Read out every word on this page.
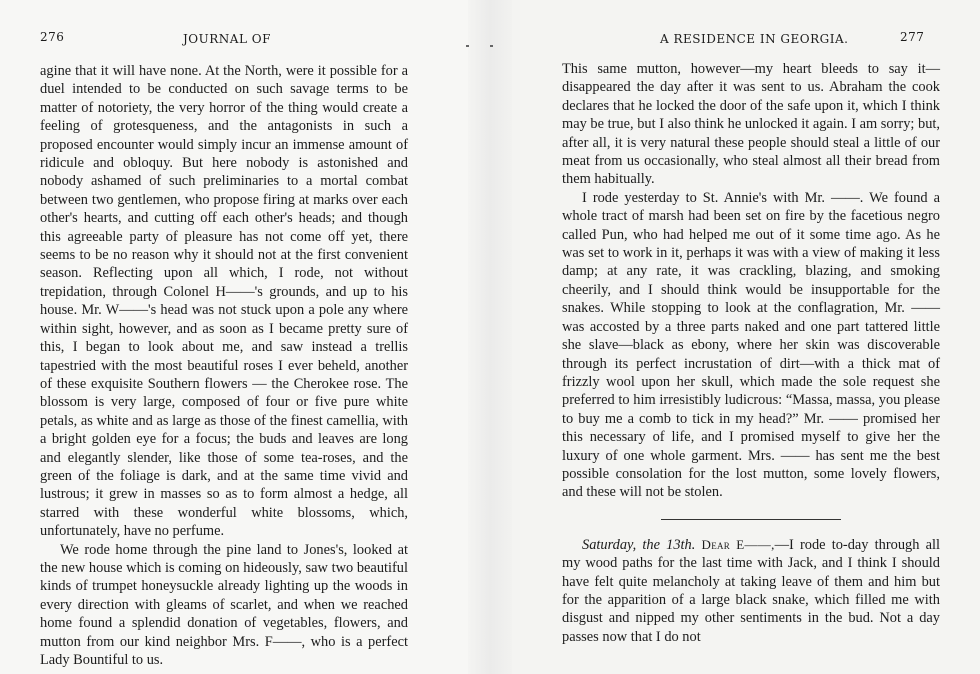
276	JOURNAL OF

agine that it will have none. At the North, were it possible for a duel intended to be conducted on such savage terms to be matter of notoriety, the very horror of the thing would create a feeling of grotesqueness, and the antagonists in such a proposed encounter would simply incur an immense amount of ridicule and obloquy. But here nobody is astonished and nobody ashamed of such preliminaries to a mortal combat between two gentlemen, who propose firing at marks over each other's hearts, and cutting off each other's heads; and though this agreeable party of pleasure has not come off yet, there seems to be no reason why it should not at the first convenient season. Reflecting upon all which, I rode, not without trepidation, through Colonel H——'s grounds, and up to his house. Mr. W——'s head was not stuck upon a pole any where within sight, however, and as soon as I became pretty sure of this, I began to look about me, and saw instead a trellis tapestried with the most beautiful roses I ever beheld, another of these exquisite Southern flowers — the Cherokee rose. The blossom is very large, composed of four or five pure white petals, as white and as large as those of the finest camellia, with a bright golden eye for a focus; the buds and leaves are long and elegantly slender, like those of some tea-roses, and the green of the foliage is dark, and at the same time vivid and lustrous; it grew in masses so as to form almost a hedge, all starred with these wonderful white blossoms, which, unfortunately, have no perfume.

We rode home through the pine land to Jones's, looked at the new house which is coming on hideously, saw two beautiful kinds of trumpet honeysuckle already lighting up the woods in every direction with gleams of scarlet, and when we reached home found a splendid donation of vegetables, flowers, and mutton from our kind neighbor Mrs. F——, who is a perfect Lady Bountiful to us.

A RESIDENCE IN GEORGIA.	277

This same mutton, however—my heart bleeds to say it—disappeared the day after it was sent to us. Abraham the cook declares that he locked the door of the safe upon it, which I think may be true, but I also think he unlocked it again. I am sorry; but, after all, it is very natural these people should steal a little of our meat from us occasionally, who steal almost all their bread from them habitually.

I rode yesterday to St. Annie's with Mr. ——. We found a whole tract of marsh had been set on fire by the facetious negro called Pun, who had helped me out of it some time ago. As he was set to work in it, perhaps it was with a view of making it less damp; at any rate, it was crackling, blazing, and smoking cheerily, and I should think would be insupportable for the snakes. While stopping to look at the conflagration, Mr. —— was accosted by a three parts naked and one part tattered little she slave—black as ebony, where her skin was discoverable through its perfect incrustation of dirt—with a thick mat of frizzly wool upon her skull, which made the sole request she preferred to him irresistibly ludicrous: “Massa, massa, you please to buy me a comb to tick in my head?” Mr. —— promised her this necessary of life, and I promised myself to give her the luxury of one whole garment. Mrs. —— has sent me the best possible consolation for the lost mutton, some lovely flowers, and these will not be stolen.

Saturday, the 13th. Dear E——,—I rode to-day through all my wood paths for the last time with Jack, and I think I should have felt quite melancholy at taking leave of them and him but for the apparition of a large black snake, which filled me with disgust and nipped my other sentiments in the bud. Not a day passes now that I do not
